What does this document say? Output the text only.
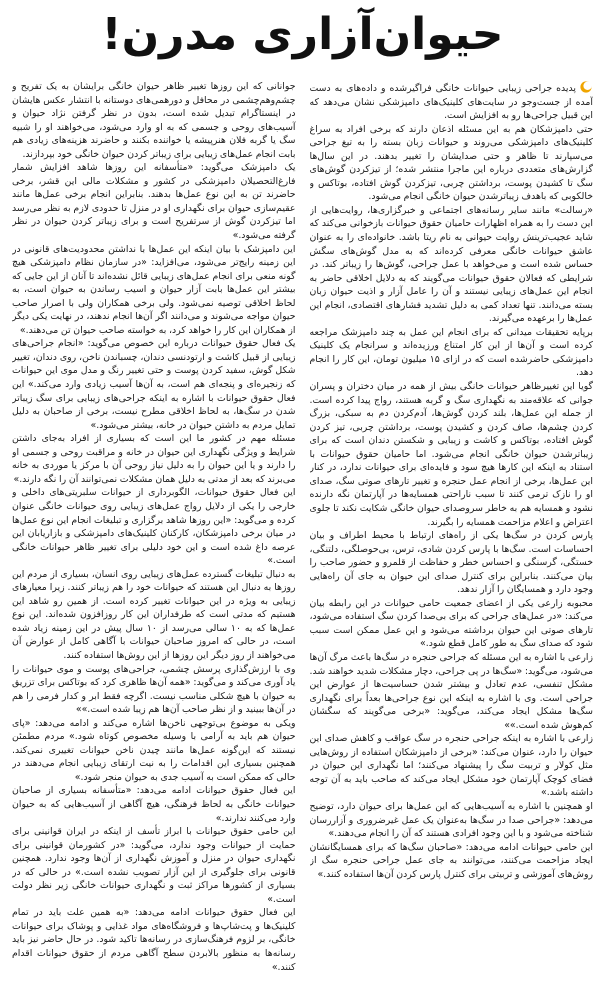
حیوان‌آزاری مدرن!

پدیده جراحی زیبایی حیوانات خانگی فراگیرشده و داده‌های به دست آمده از جست‌وجو در سایت‌های کلینیک‌های دامپزشکی نشان می‌دهد که این قبیل جراحی‌ها رو به افزایش است.

حتی دامپزشکان هم به این مسئله اذعان دارند که برخی افراد به سراغ کلینیک‌های دامپزشکی می‌روند و حیوانات زبان بسته را به تیغ جراحی می‌سپارند تا ظاهر و حتی صدایشان را تغییر بدهند. در این سال‌ها گزارش‌های متعددی درباره این ماجرا منتشر شده؛ از تیزکردن گوش‌های سگ تا کشیدن پوست، برداشتن چربی، تیزکردن گوش افتاده، بوتاکس و خالکوبی که باهدف زیباترشدن حیوان خانگی انجام می‌شود.

«رسالت» مانند سایر رسانه‌های اجتماعی و خبرگزاری‌ها، روایت‌هایی از این دست را به همراه اظهارات حامیان حقوق حیوانات بازخوانی می‌کند که شاید عجیب‌ترینش روایت حیوانی به نام ریتا باشد. خانواده‌ای را به عنوان عاشق حیوانات خانگی معرفی کرده‌اند که به مدل گوش‌های سگش حساس شده است و می‌خواهد با عمل جراحی، گوش‌ها را زیباتر کند. در شرایطی که فعالان حقوق حیوانات می‌گویند که به دلایل اخلاقی حاضر به انجام این عمل‌های زیبایی نیستند و آن را عامل آزار و اذیت حیوان زبان بسته می‌دانند. تنها تعداد کمی به دلیل تشدید فشارهای اقتصادی، انجام این عمل‌ها را برعهده می‌گیرند.

برپایه تحقیقات میدانی که برای انجام این عمل به چند دامپزشک مراجعه کرده است و آن‌ها از این کار امتناع ورزیده‌اند و سرانجام یک کلینیک دامپزشکی حاضرشده است که در ازای ۱۵ میلیون تومان، این کار را انجام دهد.

گویا این تغییرظاهر حیوانات خانگی بیش از همه در میان دختران و پسران جوانی که علاقه‌مند به نگهداری سگ و گربه هستند، رواج پیدا کرده است. از جمله این عمل‌ها، بلند کردن گوش‌ها، آدم‌کردن دم به سبکی، بزرگ کردن چشم‌ها، صاف کردن و کشیدن پوست، برداشتن چربی، تیز کردن گوش افتاده، بوتاکس و کاشت و زیبایی و شکستن دندان است که برای زیباترشدن حیوان خانگی انجام می‌شود. اما حامیان حقوق حیوانات با استناد به اینکه این کارها هیچ سود و فایده‌ای برای حیوانات ندارد، در کنار این عمل‌ها، برخی از انجام عمل حنجره و تغییر تارهای صوتی سگ، صدای او را نازک ترمی کنند تا سبب ناراحتی همسایه‌ها در آپارتمان نگه دارنده نشود و همسایه هم به خاطر سروصدای حیوان خانگی شکایت نکند تا جلوی اعتراض و اعلام مزاحمت همسایه را بگیرند.

پارس کردن در سگ‌ها یکی از راه‌های ارتباط با محیط اطراف و بیان احساسات است. سگ‌ها با پارس کردن شادی، ترس، بی‌حوصلگی، دلتنگی، خستگی، گرسنگی و احساس خطر و حفاظت از قلمرو و حضور صاحب را بیان می‌کنند. بنابراین برای کنترل صدای این حیوان به جای آن راه‌هایی وجود دارد و همسایگان را آزار ندهد.

محبوبه زارعی یکی از اعضای جمعیت حامی حیوانات در این رابطه بیان می‌کند: «در عمل‌های جراحی که برای بی‌صدا کردن سگ استفاده می‌شود، تارهای صوتی این حیوان برداشته می‌شود و این عمل ممکن است سبب شود که صدای سگ به طور کامل قطع شود.»

زارعی با اشاره به این مسئله که جراحی حنجره در سگ‌ها باعث مرگ آن‌ها می‌شود، می‌گوید: «سگ‌ها در پی جراحی، دچار مشکلات شدید خواهند شد. مشکل تنفسی، عدم تعادل و بیشتر شدن حساسیت‌ها از عوارض این جراحی است. وی با اشاره به اینکه این نوع جراحی‌ها بعداً برای نگهداری سگ‌ها مشکل ایجاد می‌کند، می‌گوید: «برخی می‌گویند که سگشان کم‌هوش شده است.»»

زارعی با اشاره به اینکه جراحی حنجره در سگ عواقب و کاهش صدای این حیوان را دارد، عنوان می‌کند: «برخی از دامپزشکان استفاده از روش‌هایی مثل کولار و تربیت سگ را پیشنهاد می‌کنند؛ اما نگهداری این حیوان در فضای کوچک آپارتمان خود مشکل ایجاد می‌کند که صاحب باید به آن توجه داشته باشد.»

او همچنین با اشاره به آسیب‌هایی که این عمل‌ها برای حیوان دارد، توضیح می‌دهد: «جراحی صدا در سگ‌ها به‌عنوان یک عمل غیرضروری و آزاررسان شناخته می‌شود و با این وجود افرادی هستند که آن را انجام می‌دهند.»

این حامی حیوانات ادامه می‌دهد: «صاحبان سگ‌ها که برای همسایگانشان ایجاد مزاحمت می‌کنند، می‌توانند به جای عمل جراحی حنجره سگ از روش‌های آموزشی و تربیتی برای کنترل پارس کردن آن‌ها استفاده کنند.»

جوانانی که این روزها تغییر ظاهر حیوان خانگی برایشان به یک تفریح و چشم‌وهم‌چشمی در محافل و دورهمی‌های دوستانه با انتشار عکس هایشان در اینستاگرام تبدیل شده است، بدون در نظر گرفتن نژاد حیوان و آسیب‌های روحی و جسمی که به او وارد می‌شود، می‌خواهند او را شبیه سگ یا گربه فلان هنرپیشه یا خواننده بکنند و حاضرند هزینه‌های زیادی هم بابت انجام عمل‌های زیبایی برای زیباتر کردن حیوان خانگی خود بپردازند.

یک دامپزشک می‌گوید: «متأسفانه این روزها شاهد افزایش شمار فارغ‌التحصیلان دامپزشکی در کشور و مشکلات مالی این قشر، برخی حاضرند تن به این نوع عمل‌ها بدهند. بنابراین انجام برخی عمل‌ها مانند عقیم‌سازی حیوان برای نگهداری او در منزل تا حدودی لازم به نظر می‌رسد اما تیزکردن گوش از سرتفریح است و برای زیباتر کردن حیوان در نظر گرفته می‌شود.»

این دامپزشک با بیان اینکه این عمل‌ها با نداشتن محدودیت‌های قانونی در این زمینه رایج‌تر می‌شود، می‌افزاید: «در سازمان نظام دامپزشکی هیچ گونه منعی برای انجام عمل‌های زیبایی قائل نشده‌اند تا آنان از این جایی که بیشتر این عمل‌ها بابت آزار حیوان و اسیب رساندن به حیوان است، به لحاظ اخلاقی توصیه نمی‌شود. ولی برخی همکاران ولی با اصرار صاحب حیوان مواجه می‌شوند و می‌دانند اگر آن‌ها انجام ندهند، در نهایت یکی دیگر از همکاران این کار را خواهد کرد، به خواسته صاحب حیوان تن می‌دهند.»

یک فعال حقوق حیوانات درباره این خصوص می‌گوید: «انجام جراحی‌های زیبایی از قبیل کاشت و ارتودنسی دندان، چسباندن ناخن، روی دندان، تغییر شکل گوش، سفید کردن پوست و حتی تغییر رنگ و مدل موی این حیوانات که زنجیره‌ای و پنجه‌ای هم است، به آن‌ها آسیب زیادی وارد می‌کند.» این فعال حقوق حیوانات با اشاره به اینکه جراحی‌های زیبایی برای سگ زیباتر شدن در سگ‌ها، به لحاظ اخلاقی مطرح نیست، برخی از صاحبان به دلیل تمایل مردم به داشتن حیوان در خانه، بیشتر می‌شود.»

مسئله مهم در کشور ما این است که بسیاری از افراد به‌جای داشتن شرایط و ویژگی نگهداری این حیوان در خانه و مراقبت روحی و جسمی او را دارند و یا این حیوان را به دلیل نیاز روحی آن با مرکز یا موردی به خانه می‌برند که بعد از مدتی به دلیل همان مشکلات نمی‌توانند آن را نگه دارند.»

این فعال حقوق حیوانات، الگوبرداری از حیوانات سلبریتی‌های داخلی و خارجی را یکی از دلایل رواج عمل‌های زیبایی روی حیوانات خانگی عنوان کرده و می‌گوید: «این روزها شاهد برگزاری و تبلیغات انجام این نوع عمل‌ها در میان برخی دامپزشکان، کارکنان کلینیک‌های دامپزشکی و بازاریابان این عرصه داغ شده است و این خود دلیلی برای تغییر ظاهر حیوانات خانگی است.»

به دنبال تبلیغات گسترده عمل‌های زیبایی روی انسان، بسیاری از مردم این روزها به دنبال این هستند که حیوانات خود را هم زیباتر کنند. زیرا معیارهای زیبایی به ویژه در این حیوانات تغییر کرده است. از همین رو شاهد این هستیم که مدتی است که طرفداران این کار روزافزون شده‌اند. این نوع عمل‌ها که به ۱۰ سالی می‌رسد از ۱۰ سال پیش در این زمینه زیاد شده است، در حالی که امروز صاحبان حیوانات با آگاهی کامل از عوارض آن می‌خواهند از روز دیگر این روزها از این روش‌ها استفاده کنند.

وی با ارزش‌گذاری پرسش چشمی، جراحی‌های پوست و موی حیوانات را یاد آوری می‌کند و می‌گوید: «همه آن‌ها ظاهری کرد که بوتاکس برای تزریق به حیوان با هیچ شکلی مناسب نیست. اگرچه فقط ابر و کدار فرمی را هم در آن‌ها ببینید و از نظر صاحب آن‌ها هم زیبا شده است.»»

ویکی به موضوع بی‌توجهی ناخن‌ها اشاره می‌کند و ادامه می‌دهد: «پای حیوان هم باید به آرامی با وسیله مخصوص کوتاه شود.» مردم مطمئن نیستند که این‌گونه عمل‌ها مانند چیدن ناخن حیوانات تغییری نمی‌کند. همچنین بسیاری این اقدامات را به نیت ارتقای زیبایی انجام می‌دهند در حالی که ممکن است به آسیب جدی به حیوان منجر شود.»

این فعال حقوق حیوانات ادامه می‌دهد: «متأسفانه بسیاری از صاحبان حیوانات خانگی به لحاظ فرهنگی، هیچ آگاهی از آسیب‌هایی که به حیوان وارد می‌کنند ندارند.»

این حامی حقوق حیوانات با ابراز تأسف از اینکه در ایران قوانینی برای حمایت از حیوانات وجود ندارد، می‌گوید: «در کشورمان قوانینی برای نگهداری حیوان در منزل و آموزش نگهداری از آن‌ها وجود ندارد. همچنین قانونی برای جلوگیری از این آزار تصویب نشده است.» در حالی که در بسیاری از کشورها مراکز ثبت و نگهداری حیوانات خانگی زیر نظر دولت است.»

این فعال حقوق حیوانات ادامه می‌دهد: «به همین علت باید در تمام کلینیک‌ها و پت‌شاپ‌ها و فروشگاه‌های مواد غذایی و پوشاک برای حیوانات خانگی، بر لزوم فرهنگ‌سازی در رسانه‌ها تاکید شود. در حال حاضر نیز باید رسانه‌ها به منظور بالابردن سطح آگاهی مردم از حقوق حیوانات اقدام کنند.»
